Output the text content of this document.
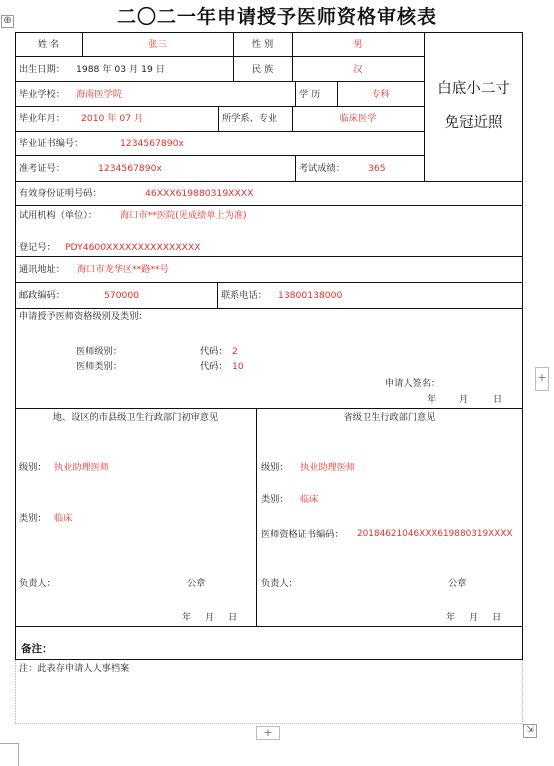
二〇二一年申请授予医师资格审核表
⊕
白底小二寸
免冠近照
姓 名	张三	性 别	男
出生日期： 1988 年 03 月 19 日	民 族	汉
毕业学校： 海南医学院	学 历	专科
毕业年月： 2010 年 07 月	所学系、专业	临床医学
毕业证书编号：	1234567890x
准考证号：	1234567890x	考试成绩：	365
有效身份证明号码：	46XXX619880319XXXX
试用机构（单位）： 海口市**医院(见成绩单上为准)
登记号： PDY4600XXXXXXXXXXXXXXX
通讯地址： 海口市龙华区**路**号
邮政编码：	570000	联系电话： 13800138000
申请授予医师资格级别及类别：
医师级别：	代码： 2
医师类别：	代码： 10
申请人签名：
年 月	日
地、设区的市县级卫生行政部门初审意见
级别： 执业助理医师
类别： 临床
负责人：	公章
年 月 日
省级卫生行政部门意见
级别： 执业助理医师
类别： 临床
医师资格证书编码： 20184621046XXX619880319XXXX
负责人：	公章
年 月 日
备注：
注：此表存申请人人事档案
+
+	⇲
